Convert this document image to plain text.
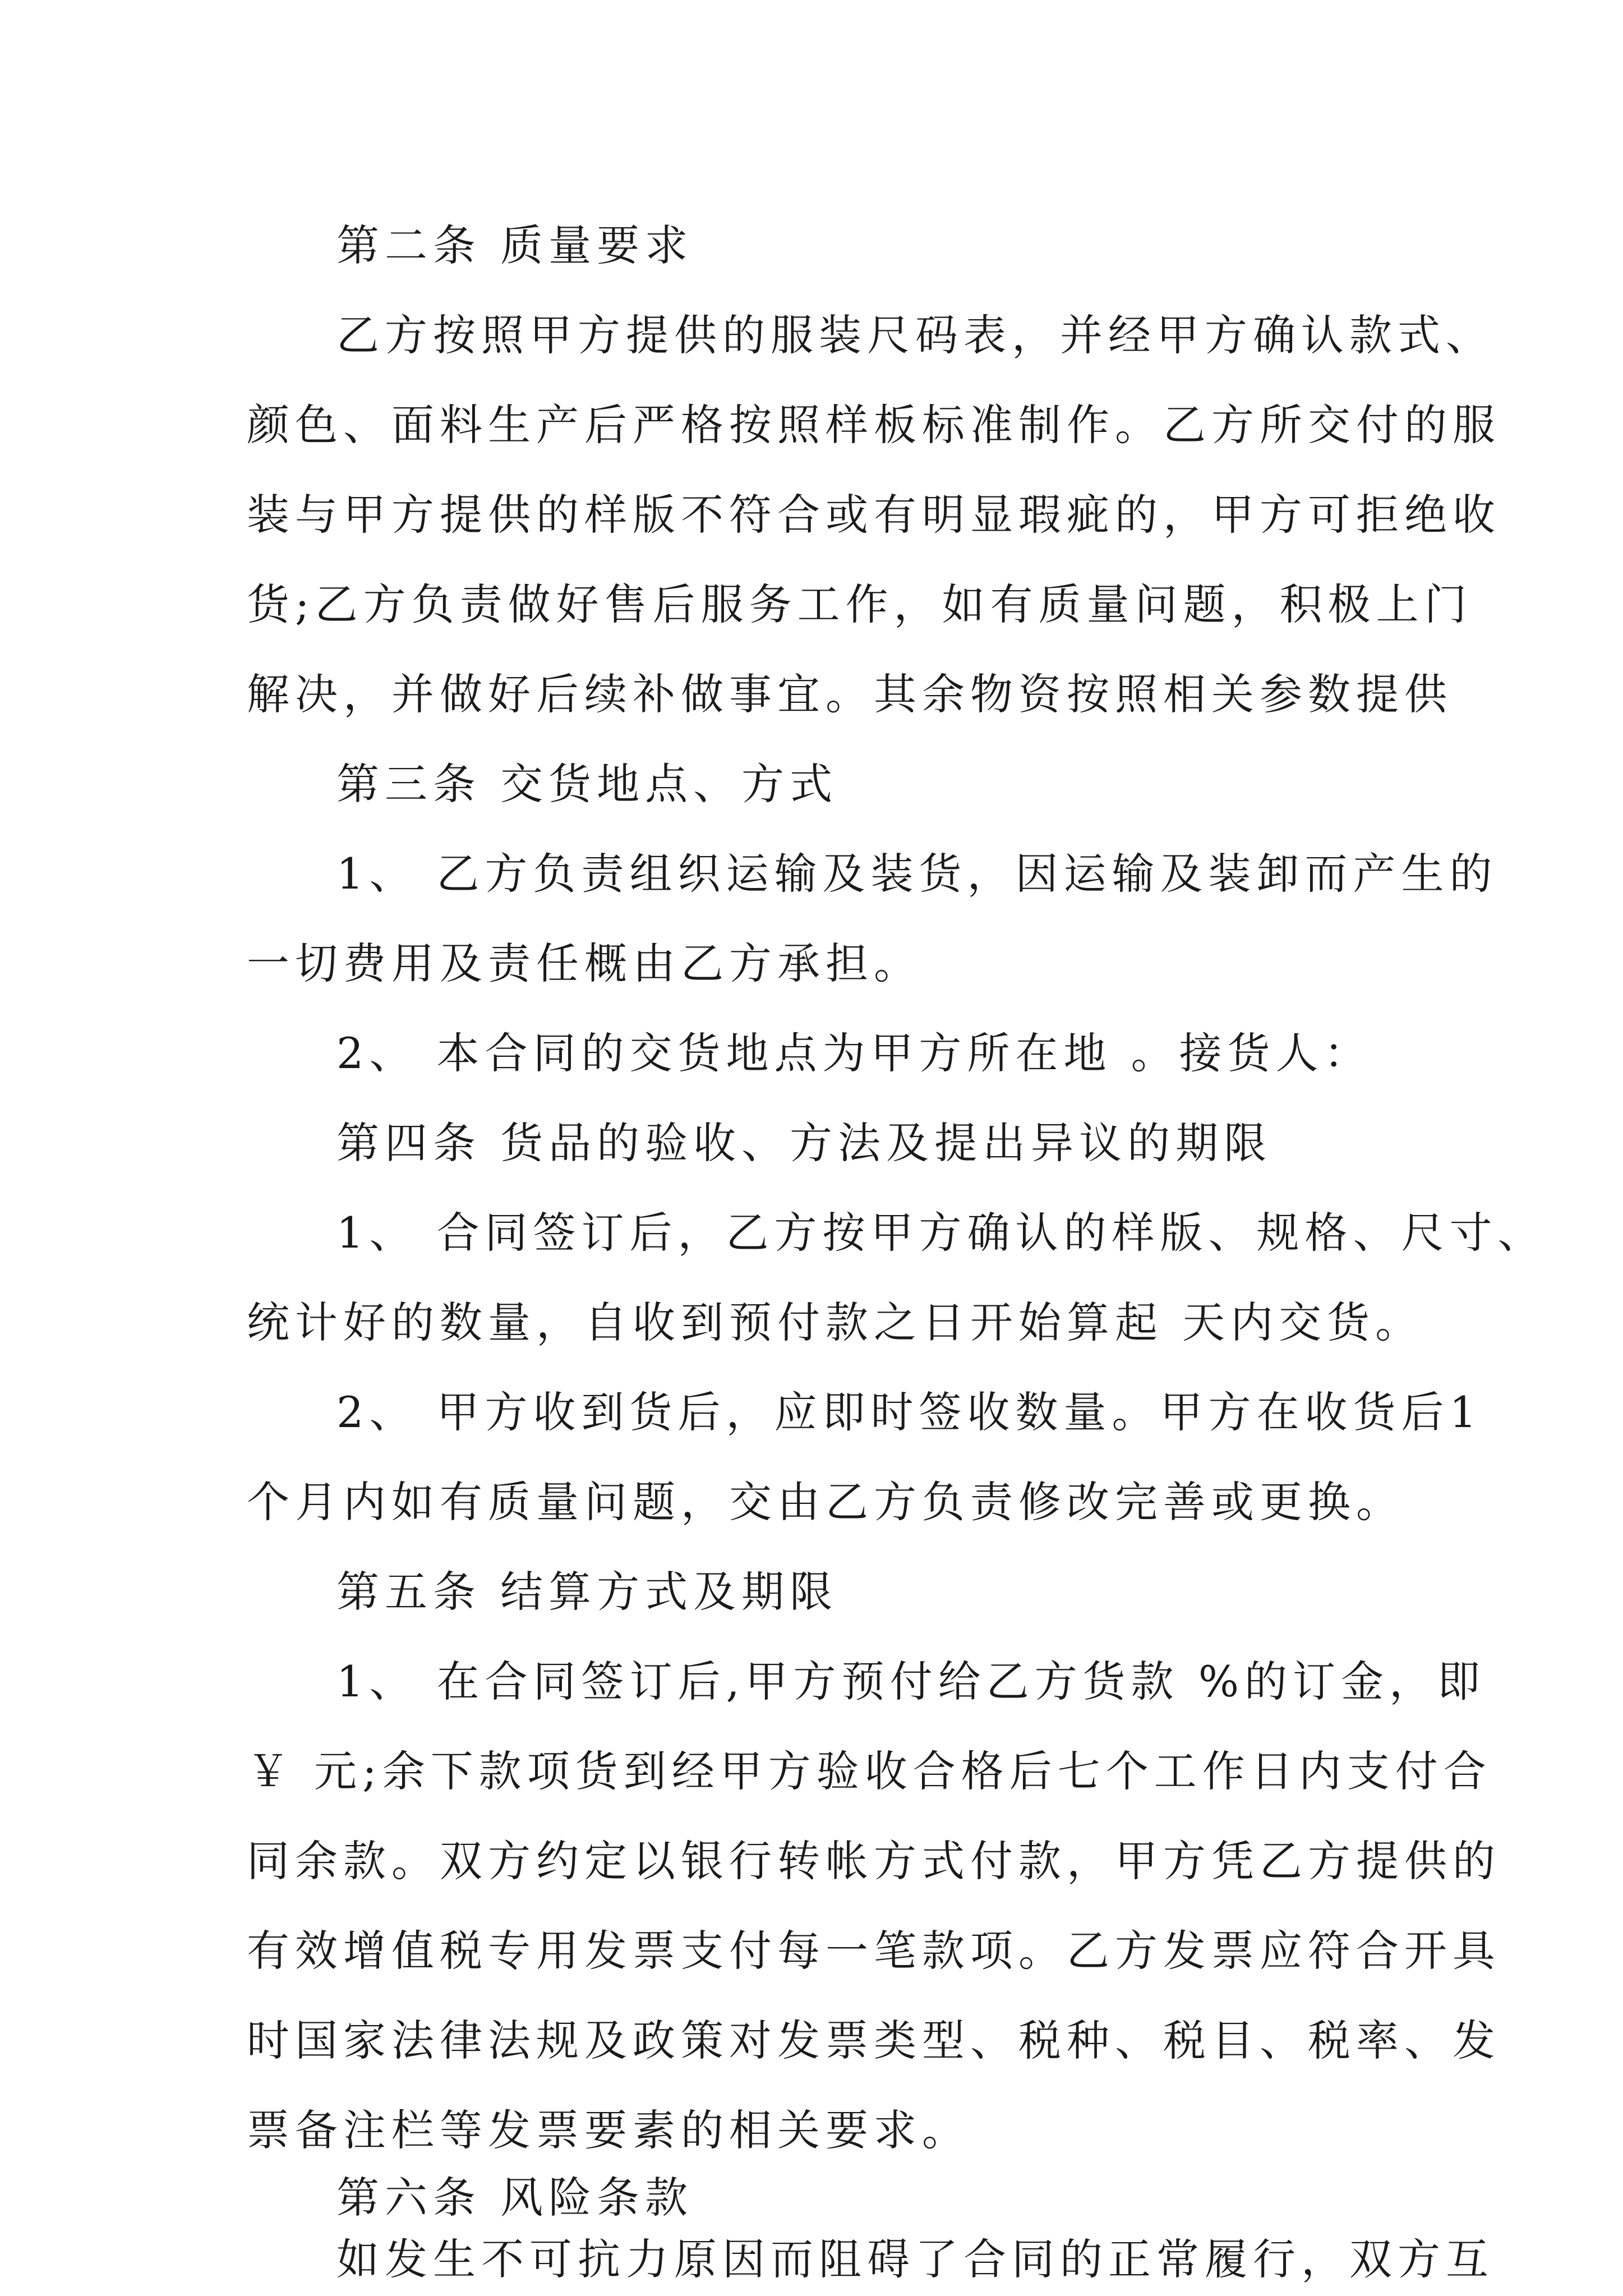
第二条 质量要求
乙方按照甲方提供的服装尺码表，并经甲方确认款式、
颜色、面料生产后严格按照样板标准制作。乙方所交付的服
装与甲方提供的样版不符合或有明显瑕疵的，甲方可拒绝收
货;乙方负责做好售后服务工作，如有质量问题，积极上门
解决，并做好后续补做事宜。其余物资按照相关参数提供
第三条 交货地点、方式
1、 乙方负责组织运输及装货，因运输及装卸而产生的
一切费用及责任概由乙方承担。
2、 本合同的交货地点为甲方所在地 。接货人：
第四条 货品的验收、方法及提出异议的期限
1、 合同签订后，乙方按甲方确认的样版、规格、尺寸、
统计好的数量，自收到预付款之日开始算起 天内交货。
2、 甲方收到货后，应即时签收数量。甲方在收货后1
个月内如有质量问题，交由乙方负责修改完善或更换。
第五条 结算方式及期限
1、 在合同签订后,甲方预付给乙方货款 %的订金，即
￥ 元;余下款项货到经甲方验收合格后七个工作日内支付合
同余款。双方约定以银行转帐方式付款，甲方凭乙方提供的
有效增值税专用发票支付每一笔款项。乙方发票应符合开具
时国家法律法规及政策对发票类型、税种、税目、税率、发
票备注栏等发票要素的相关要求。
第六条 风险条款
如发生不可抗力原因而阻碍了合同的正常履行，双方互
